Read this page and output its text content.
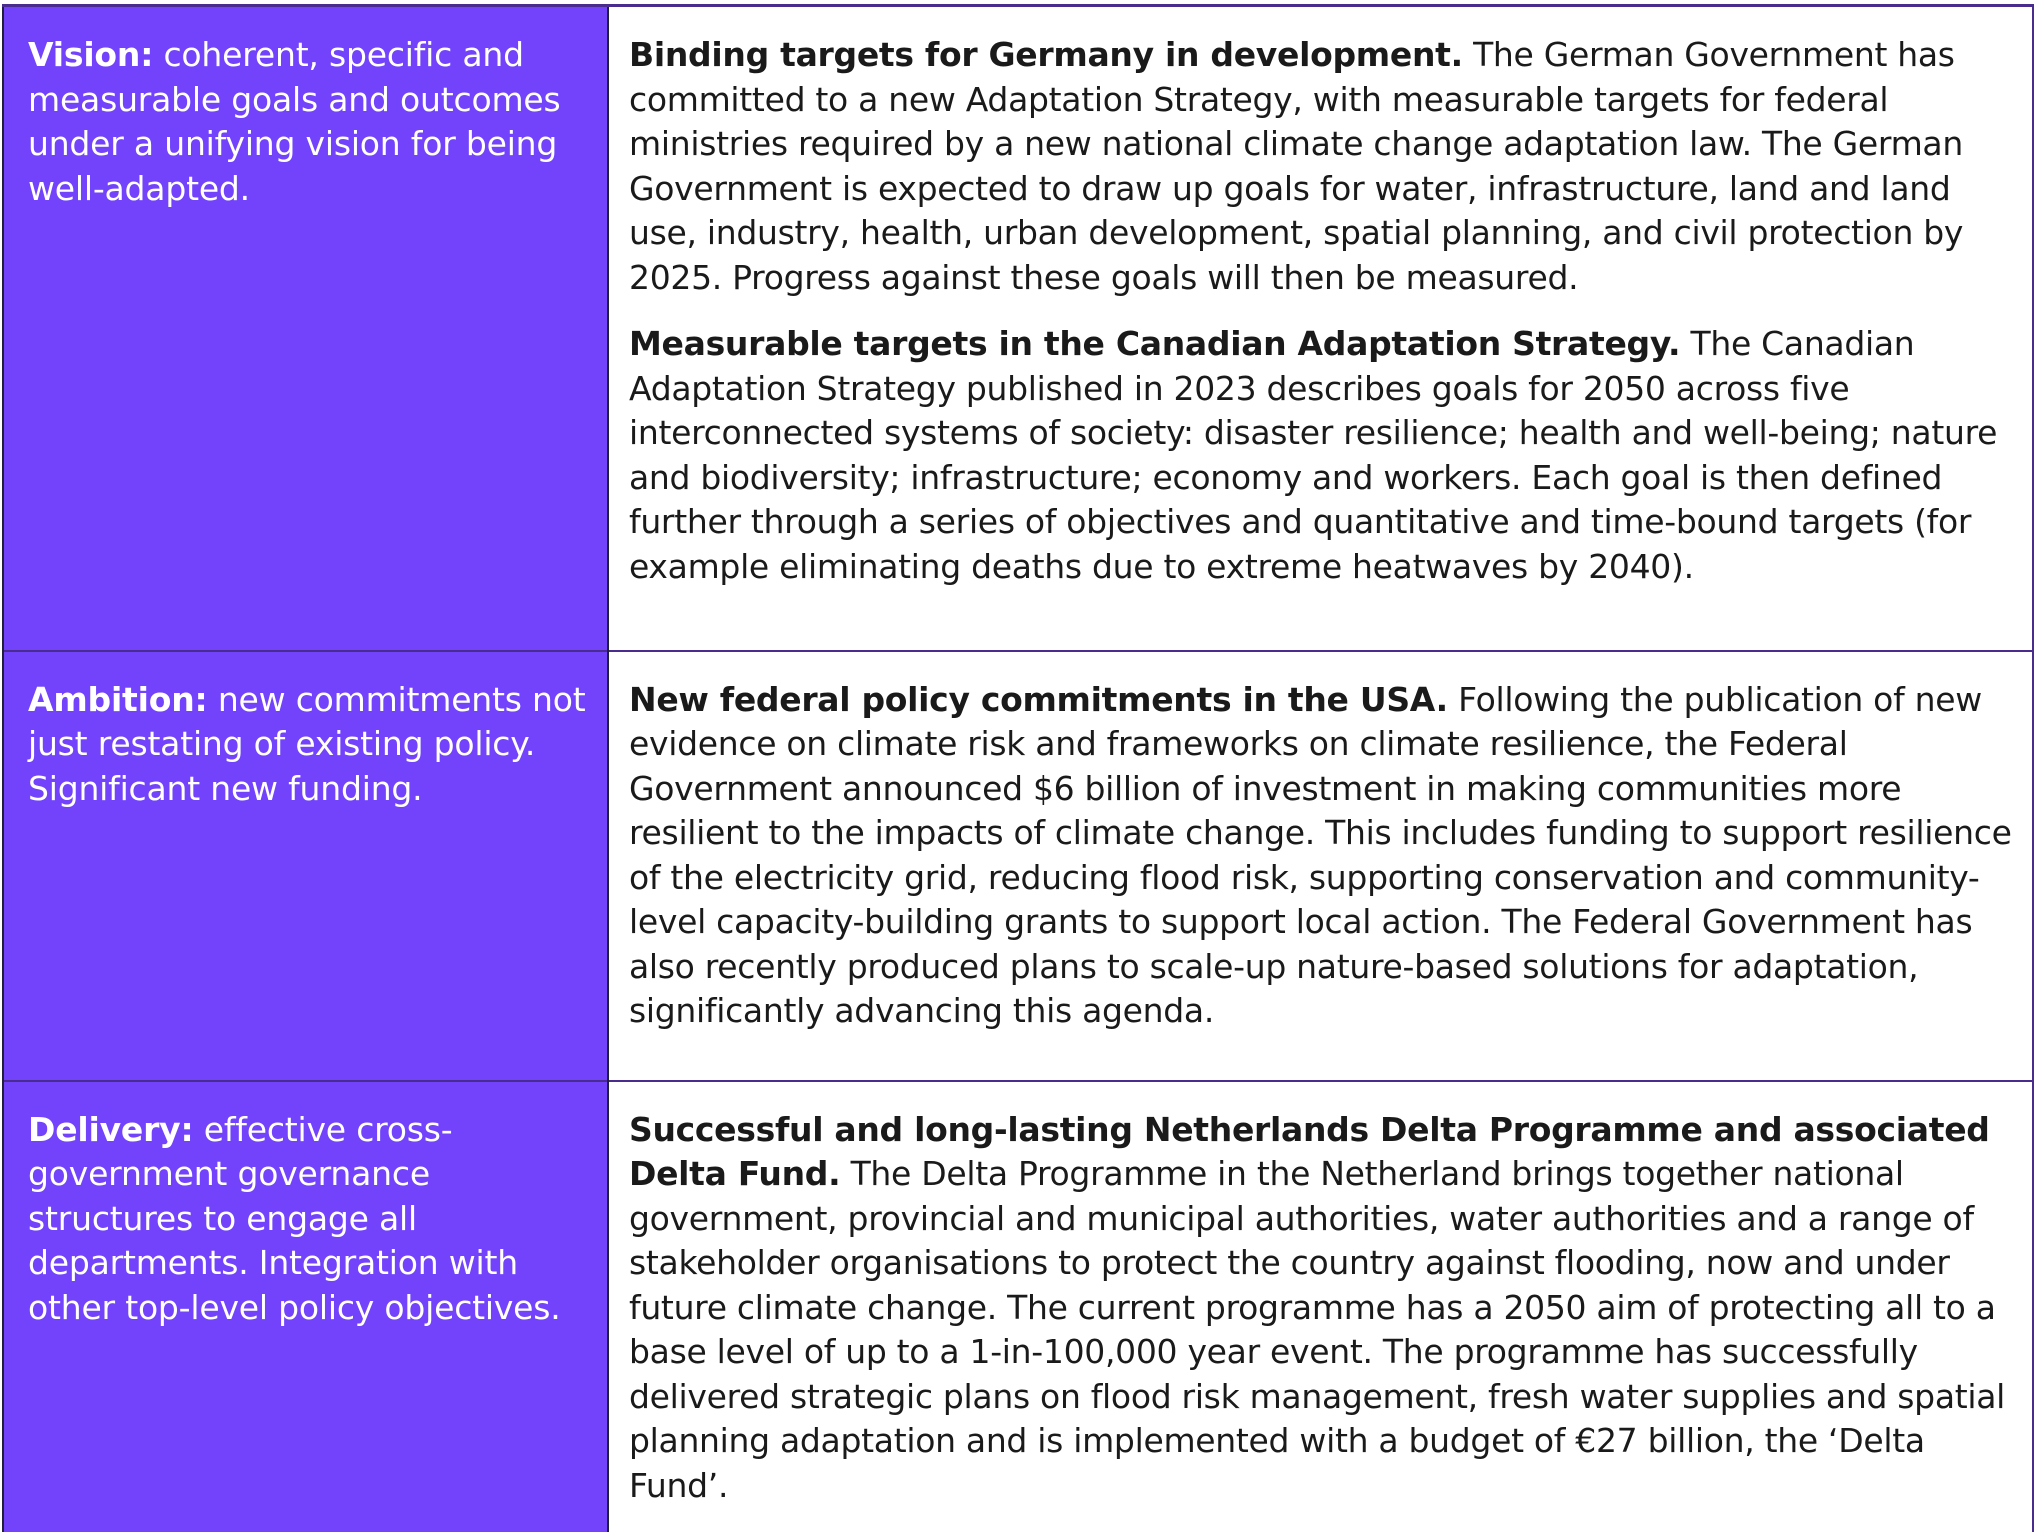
Vision: coherent, specific and measurable goals and outcomes under a unifying vision for being well-adapted.	Binding targets for Germany in development. The German Government has committed to a new Adaptation Strategy, with measurable targets for federal ministries required by a new national climate change adaptation law. The German Government is expected to draw up goals for water, infrastructure, land and land use, industry, health, urban development, spatial planning, and civil protection by 2025. Progress against these goals will then be measured.

Measurable targets in the Canadian Adaptation Strategy. The Canadian Adaptation Strategy published in 2023 describes goals for 2050 across five interconnected systems of society: disaster resilience; health and well-being; nature and biodiversity; infrastructure; economy and workers. Each goal is then defined further through a series of objectives and quantitative and time-bound targets (for example eliminating deaths due to extreme heatwaves by 2040).

Ambition: new commitments not just restating of existing policy. Significant new funding.	New federal policy commitments in the USA. Following the publication of new evidence on climate risk and frameworks on climate resilience, the Federal Government announced $6 billion of investment in making communities more resilient to the impacts of climate change. This includes funding to support resilience of the electricity grid, reducing flood risk, supporting conservation and community-level capacity-building grants to support local action. The Federal Government has also recently produced plans to scale-up nature-based solutions for adaptation, significantly advancing this agenda.

Delivery: effective cross-government governance structures to engage all departments. Integration with other top-level policy objectives.	Successful and long-lasting Netherlands Delta Programme and associated Delta Fund. The Delta Programme in the Netherland brings together national government, provincial and municipal authorities, water authorities and a range of stakeholder organisations to protect the country against flooding, now and under future climate change. The current programme has a 2050 aim of protecting all to a base level of up to a 1-in-100,000 year event. The programme has successfully delivered strategic plans on flood risk management, fresh water supplies and spatial planning adaptation and is implemented with a budget of €27 billion, the ‘Delta Fund’.
